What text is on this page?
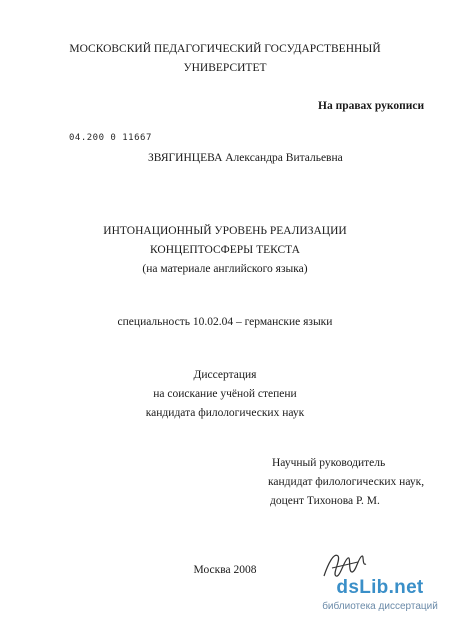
МОСКОВСКИЙ ПЕДАГОГИЧЕСКИЙ ГОСУДАРСТВЕННЫЙ
УНИВЕРСИТЕТ
На правах рукописи
04.200 0 11667
ЗВЯГИНЦЕВА Александра Витальевна
ИНТОНАЦИОННЫЙ УРОВЕНЬ РЕАЛИЗАЦИИ
КОНЦЕПТОСФЕРЫ ТЕКСТА
(на материале английского языка)
специальность 10.02.04 – германские языки
Диссертация
на соискание учёной степени
кандидата филологических наук
Научный руководитель
кандидат филологических наук,
доцент Тихонова Р. М.
Москва 2008
dsLib.net
библиотека диссертаций
